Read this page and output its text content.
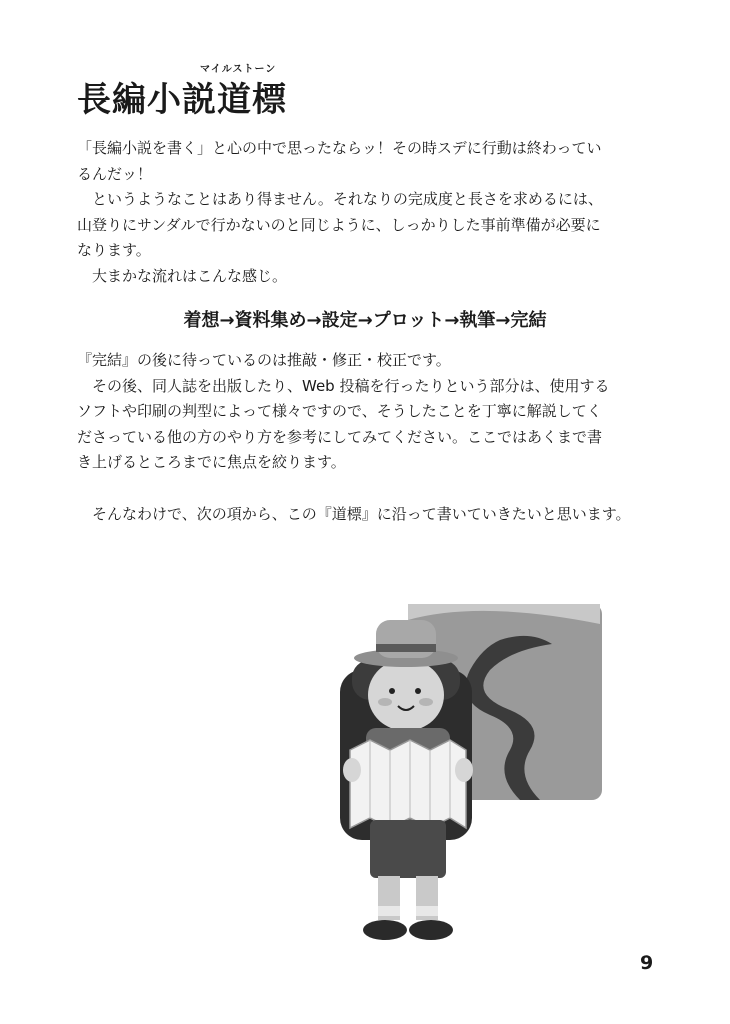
マイルストーン
長編小説道標
「長編小説を書く」と心の中で思ったならッ！その時スデに行動は終わってい
るんだッ！
　というようなことはあり得ません。それなりの完成度と長さを求めるには、
山登りにサンダルで行かないのと同じように、しっかりした事前準備が必要に
なります。
　大まかな流れはこんな感じ。
着想→資料集め→設定→プロット→執筆→完結
『完結』の後に待っているのは推敲・修正・校正です。
　その後、同人誌を出版したり、Web 投稿を行ったりという部分は、使用する
ソフトや印刷の判型によって様々ですので、そうしたことを丁寧に解説してく
ださっている他の方のやり方を参考にしてみてください。ここではあくまで書
き上げるところまでに焦点を絞ります。
　そんなわけで、次の項から、この『道標』に沿って書いていきたいと思います。
9
